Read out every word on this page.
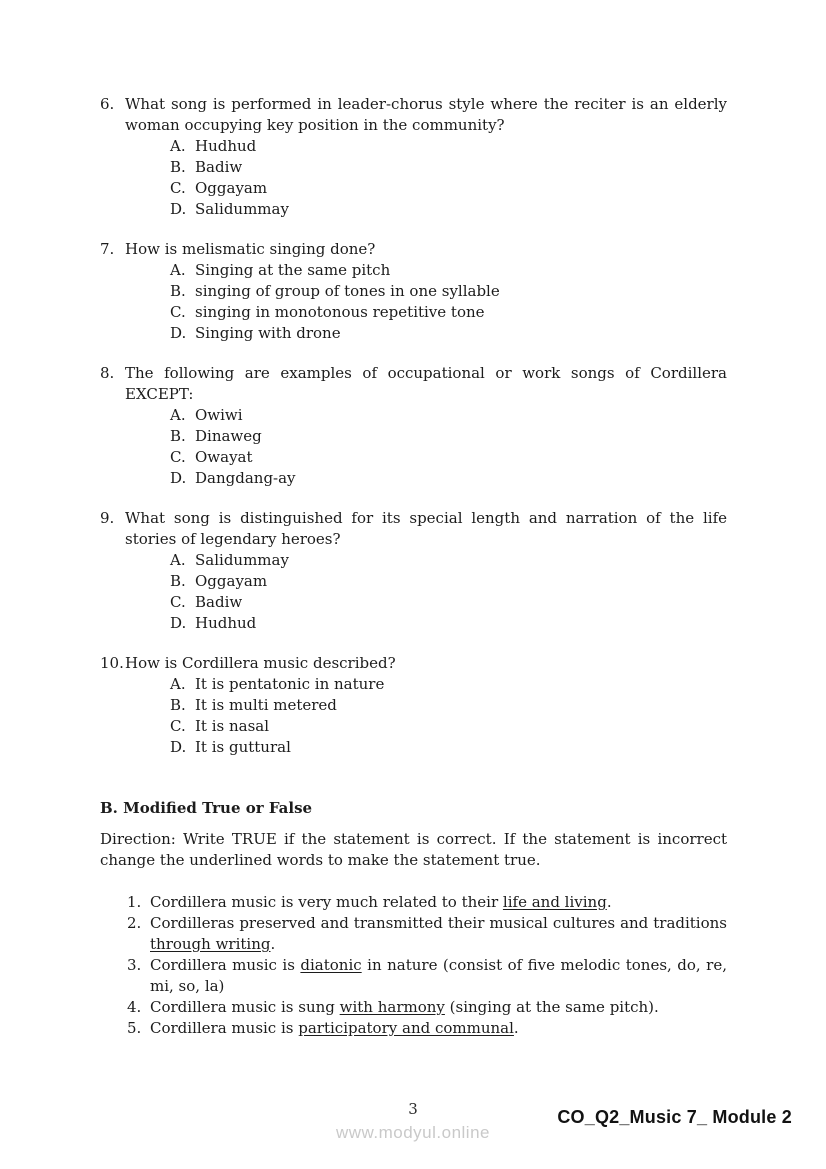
6. What song is performed in leader-chorus style where the reciter is an elderly woman occupying key position in the community?
A. Hudhud
B. Badiw
C. Oggayam
D. Salidummay
7. How is melismatic singing done?
A. Singing at the same pitch
B. singing of group of tones in one syllable
C. singing in monotonous repetitive tone
D. Singing with drone
8. The following are examples of occupational or work songs of Cordillera EXCEPT:
A. Owiwi
B. Dinaweg
C. Owayat
D. Dangdang-ay
9. What song is distinguished for its special length and narration of the life stories of legendary heroes?
A. Salidummay
B. Oggayam
C. Badiw
D. Hudhud
10. How is Cordillera music described?
A. It is pentatonic in nature
B. It is multi metered
C. It is nasal
D. It is guttural
B. Modified True or False

Direction: Write TRUE if the statement is correct. If the statement is incorrect change the underlined words to make the statement true.

1. Cordillera music is very much related to their life and living.
2. Cordilleras preserved and transmitted their musical cultures and traditions through writing.
3. Cordillera music is diatonic in nature (consist of five melodic tones, do, re, mi, so, la)
4. Cordillera music is sung with harmony (singing at the same pitch).
5. Cordillera music is participatory and communal.
3
www.modyul.online
CO_Q2_Music 7_ Module 2
